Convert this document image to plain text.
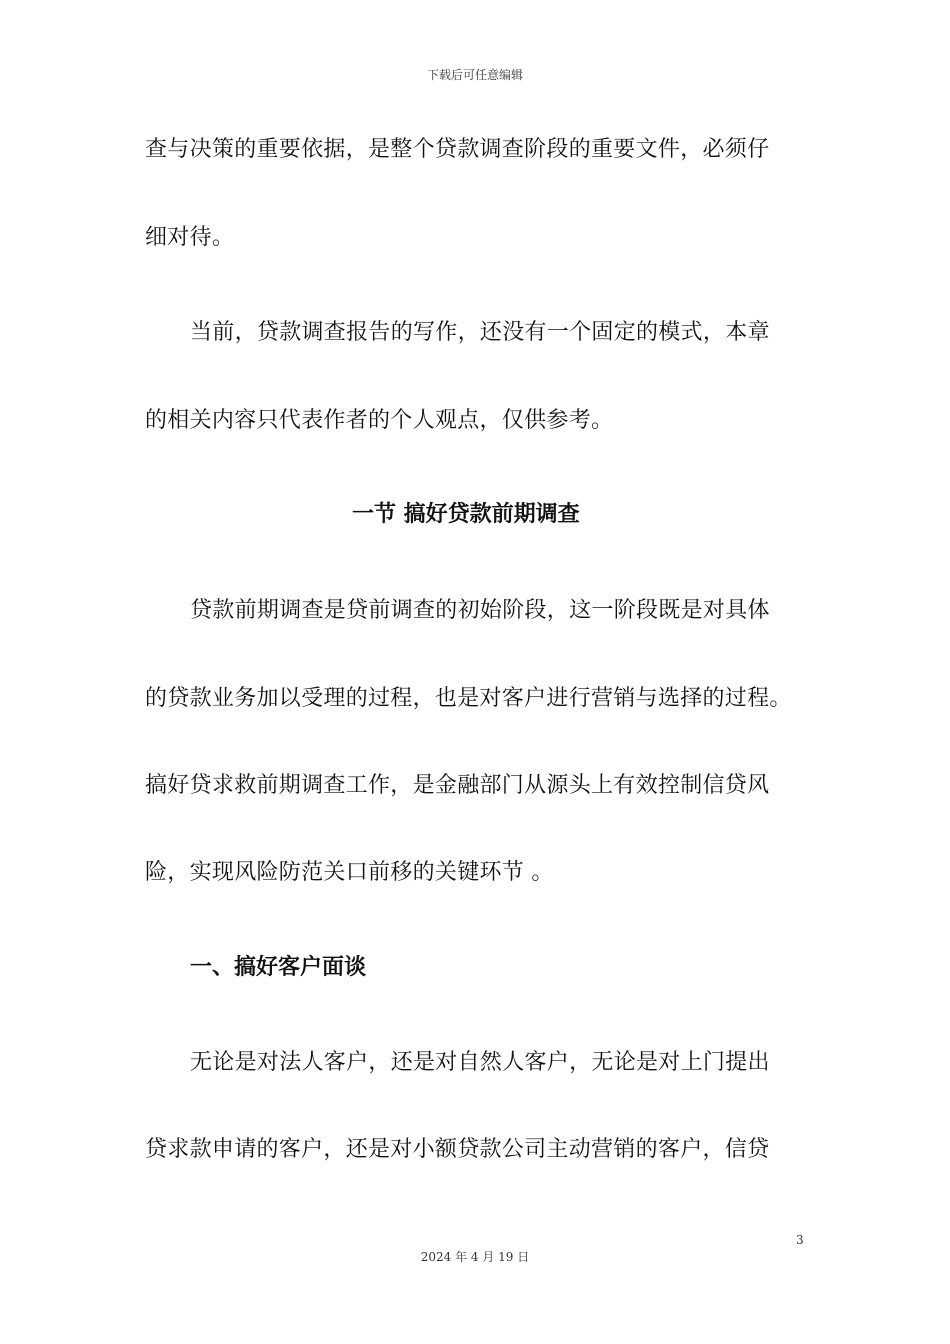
下载后可任意编辑
查与决策的重要依据，是整个贷款调查阶段的重要文件，必须仔
细对待。
当前，贷款调查报告的写作，还没有一个固定的模式，本章
的相关内容只代表作者的个人观点，仅供参考。
一节 搞好贷款前期调查
贷款前期调查是贷前调查的初始阶段，这一阶段既是对具体
的贷款业务加以受理的过程，也是对客户进行营销与选择的过程。
搞好贷求救前期调查工作，是金融部门从源头上有效控制信贷风
险，实现风险防范关口前移的关键环节 。
一、搞好客户面谈
无论是对法人客户，还是对自然人客户，无论是对上门提出
贷求款申请的客户，还是对小额贷款公司主动营销的客户，信贷
3
2024 年 4 月 19 日
